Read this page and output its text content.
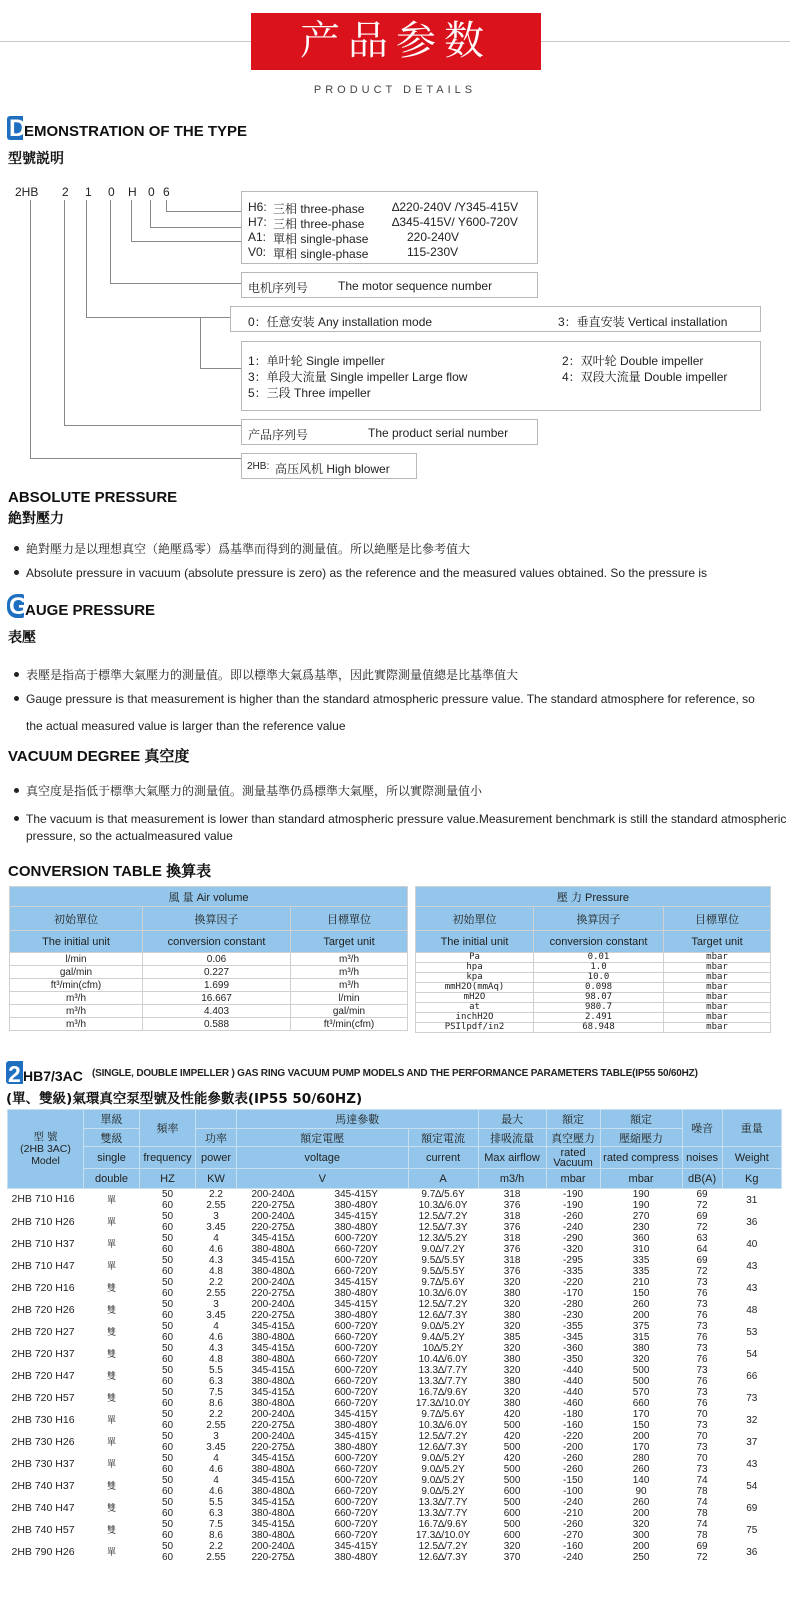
产品参数
PRODUCT DETAILS
D
EMONSTRATION OF THE TYPE
型號説明
2HB 2 1 0 H 0 6
H6: 三相 three-phase ∆220-240V /Y345-415V
H7: 三相 three-phase ∆345-415V/ Y600-720V
A1: 單相 single-phase	220-240V
V0: 單相 single-phase	115-230V
电机序列号 The motor sequence number
0：任意安装 Any installation mode	3：垂直安装 Vertical installation
1：单叶轮 Single impeller	2：双叶轮 Double impeller
3：单段大流量 Single impeller Large flow	4：双段大流量 Double impeller
5：三段 Three impeller
产品序列号	The product serial number
2HB: 高压风机 High blower
ABSOLUTE PRESSURE
絶對壓力
絶對壓力是以理想真空（絶壓爲零）爲基準而得到的測量值。所以絶壓是比參考值大
Absolute pressure in vacuum (absolute pressure is zero) as the reference and the measured values obtained. So the pressure is
G
AUGE PRESSURE
表壓
表壓是指高于標準大氣壓力的測量值。即以標準大氣爲基準，因此實際測量值總是比基準值大
Gauge pressure is that measurement is higher than the standard atmospheric pressure value. The standard atmosphere for reference, so
the actual measured value is larger than the reference value
VACUUM DEGREE 真空度
真空度是指低于標準大氣壓力的測量值。測量基準仍爲標準大氣壓，所以實際測量值小
The vacuum is that measurement is lower than standard atmospheric pressure value.Measurement benchmark is still the standard atmospheric
pressure, so the actualmeasured value
CONVERSION TABLE 換算表
風 量 Air volume		
初始單位	換算因子	目標單位
The initial unit	conversion constant	Target unit
l/min	0.06	m³/h
gal/min	0.227	m³/h
ft³/min(cfm)	1.699	m³/h
m³/h	16.667	l/min
m³/h	4.403	gal/min
m³/h	0.588	ft³/min(cfm)
壓 力 Pressure		
初始單位	換算因子	目標單位
The initial unit	conversion constant	Target unit
Pa	0.01	mbar
hpa	1.0	mbar
kpa	10.0	mbar
mmH2O(mmAq)	0.098	mbar
mH2O	98.07	mbar
at	980.7	mbar
inchH2O	2.491	mbar
PSIlpdf/in2	68.948	mbar
2 HB7/3AC (SINGLE, DOUBLE IMPELLER ) GAS RING VACUUM PUMP MODELS AND THE PERFORMANCE PARAMETERS TABLE(IP55 50/60HZ)
(單、雙級)氣環真空泵型號及性能參數表(IP55 50/60HZ)
型 號
(2HB 3AC)
Model	單級	頻率		馬達參數			最大	額定	額定	噪音	重量
	雙級		功率	額定電壓		額定電流	排吸流量	真空壓力	壓縮壓力		
	single	frequency	power	voltage		current	Max airflow	rated Vacuum	rated compress	noises	Weight
	double	HZ	KW	V		A	m3/h	mbar	mbar	dB(A)	Kg
2HB 710 H16	單	50	2.2	200-240∆	345-415Y	9.7∆/5.6Y	318	-190	190	69	31
		60	2.55	220-275∆	380-480Y	10.3∆/6.0Y	376	-190	190	72	
2HB 710 H26	單	50	3	200-240∆	345-415Y	12.5∆/7.2Y	318	-260	270	69	36
		60	3.45	220-275∆	380-480Y	12.5∆/7.3Y	376	-240	230	72	
2HB 710 H37	單	50	4	345-415∆	600-720Y	12.3∆/5.2Y	318	-290	360	63	40
		60	4.6	380-480∆	660-720Y	9.0∆/7.2Y	376	-320	310	64	
2HB 710 H47	單	50	4.3	345-415∆	600-720Y	9.5∆/5.5Y	318	-295	335	69	43
		60	4.8	380-480∆	660-720Y	9.5∆/5.5Y	376	-335	335	72	
2HB 720 H16	雙	50	2.2	200-240∆	345-415Y	9.7∆/5.6Y	320	-220	210	73	43
		60	2.55	220-275∆	380-480Y	10.3∆/6.0Y	380	-170	150	76	
2HB 720 H26	雙	50	3	200-240∆	345-415Y	12.5∆/7.2Y	320	-280	260	73	48
		60	3.45	220-275∆	380-480Y	12.6∆/7.3Y	380	-230	200	76	
2HB 720 H27	雙	50	4	345-415∆	600-720Y	9.0∆/5.2Y	320	-355	375	73	53
		60	4.6	380-480∆	660-720Y	9.4∆/5.2Y	385	-345	315	76	
2HB 720 H37	雙	50	4.3	345-415∆	600-720Y	10∆/5.2Y	320	-360	380	73	54
		60	4.8	380-480∆	660-720Y	10.4∆/6.0Y	380	-350	320	76	
2HB 720 H47	雙	50	5.5	345-415∆	600-720Y	13.3∆/7.7Y	320	-440	500	73	66
		60	6.3	380-480∆	660-720Y	13.3∆/7.7Y	380	-440	500	76	
2HB 720 H57	雙	50	7.5	345-415∆	600-720Y	16.7∆/9.6Y	320	-440	570	73	73
		60	8.6	380-480∆	660-720Y	17.3∆/10.0Y	380	-460	660	76	
2HB 730 H16	單	50	2.2	200-240∆	345-415Y	9.7∆/5.6Y	420	-180	170	70	32
		60	2.55	220-275∆	380-480Y	10.3∆/6.0Y	500	-160	150	73	
2HB 730 H26	單	50	3	200-240∆	345-415Y	12.5∆/7.2Y	420	-220	200	70	37
		60	3.45	220-275∆	380-480Y	12.6∆/7.3Y	500	-200	170	73	
2HB 730 H37	單	50	4	345-415∆	600-720Y	9.0∆/5.2Y	420	-260	280	70	43
		60	4.6	380-480∆	660-720Y	9.0∆/5.2Y	500	-260	260	73	
2HB 740 H37	雙	50	4	345-415∆	600-720Y	9.0∆/5.2Y	500	-150	140	74	54
		60	4.6	380-480∆	660-720Y	9.0∆/5.2Y	600	-100	90	78	
2HB 740 H47	雙	50	5.5	345-415∆	600-720Y	13.3∆/7.7Y	500	-240	260	74	69
		60	6.3	380-480∆	660-720Y	13.3∆/7.7Y	600	-210	200	78	
2HB 740 H57	雙	50	7.5	345-415∆	600-720Y	16.7∆/9.6Y	500	-260	320	74	75
		60	8.6	380-480∆	660-720Y	17.3∆/10.0Y	600	-270	300	78	
2HB 790 H26	單	50	2.2	200-240∆	345-415Y	12.5∆/7.2Y	320	-160	200	69	36
		60	2.55	220-275∆	380-480Y	12.6∆/7.3Y	370	-240	250	72	
